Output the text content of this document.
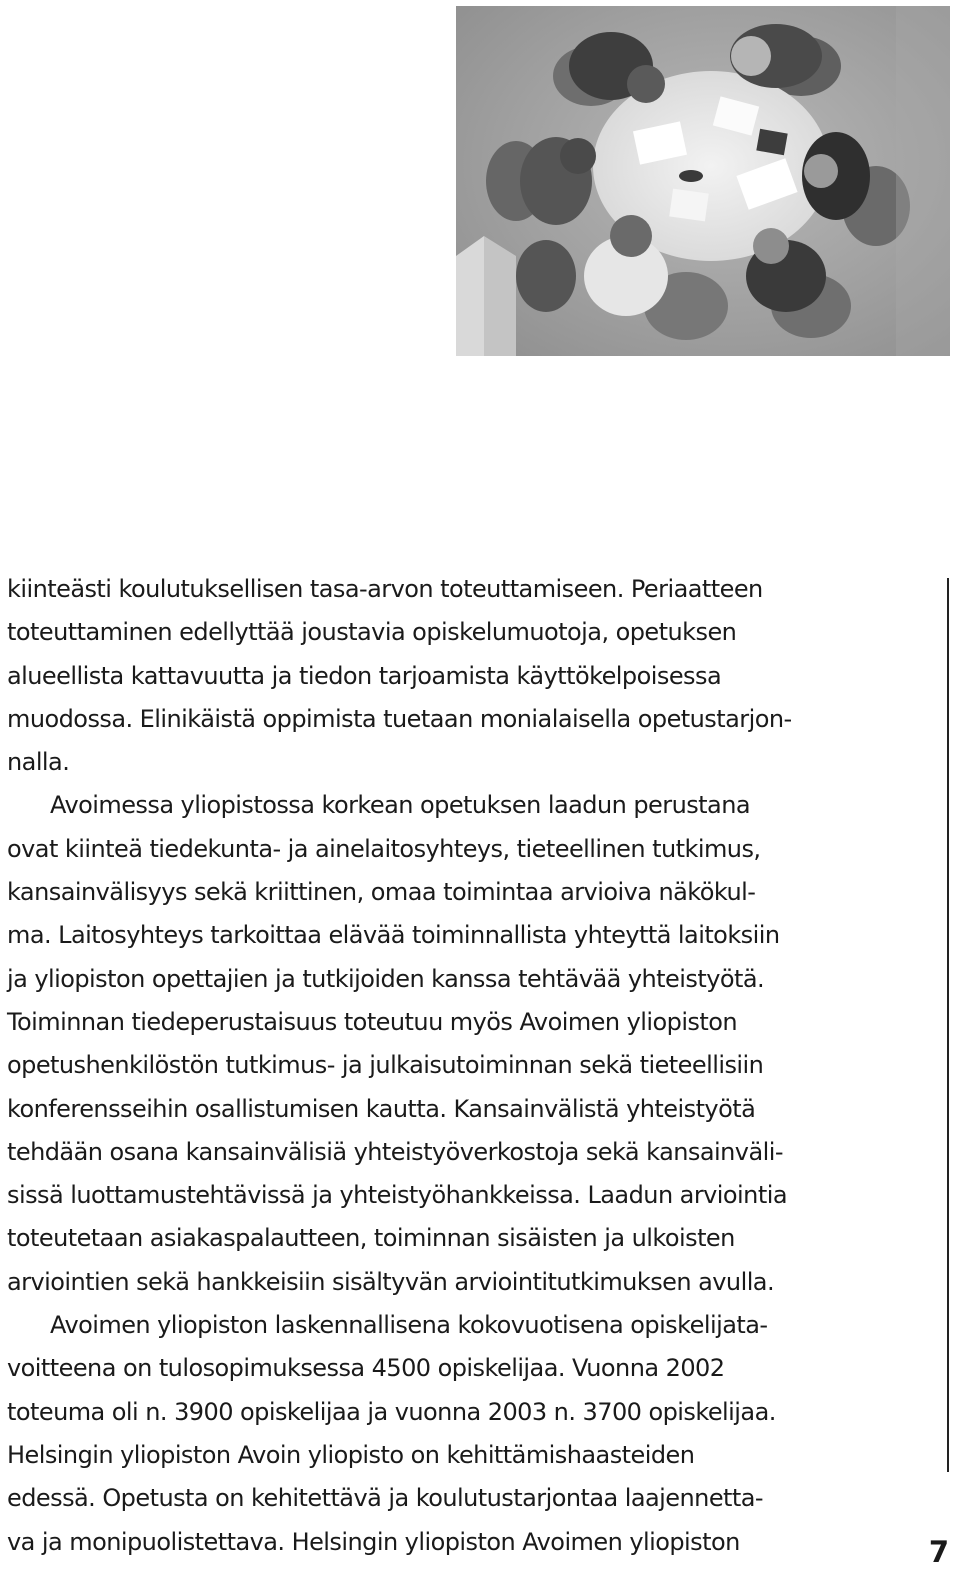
kiinteästi koulutuksellisen tasa-arvon toteuttamiseen. Periaatteen
toteuttaminen edellyttää joustavia opiskelumuotoja, opetuksen
alueellista kattavuutta ja tiedon tarjoamista käyttökelpoisessa
muodossa. Elinikäistä oppimista tuetaan monialaisella opetustarjon-
nalla.
Avoimessa yliopistossa korkean opetuksen laadun perustana
ovat kiinteä tiedekunta- ja ainelaitosyhteys, tieteellinen tutkimus,
kansainvälisyys sekä kriittinen, omaa toimintaa arvioiva näkökul-
ma. Laitosyhteys tarkoittaa elävää toiminnallista yhteyttä laitoksiin
ja yliopiston opettajien ja tutkijoiden kanssa tehtävää yhteistyötä.
Toiminnan tiedeperustaisuus toteutuu myös Avoimen yliopiston
opetushenkilöstön tutkimus- ja julkaisutoiminnan sekä tieteellisiin
konferensseihin osallistumisen kautta. Kansainvälistä yhteistyötä
tehdään osana kansainvälisiä yhteistyöverkostoja sekä kansainväli-
sissä luottamustehtävissä ja yhteistyöhankkeissa. Laadun arviointia
toteutetaan asiakaspalautteen, toiminnan sisäisten ja ulkoisten
arviointien sekä hankkeisiin sisältyvän arviointitutkimuksen avulla.
Avoimen yliopiston laskennallisena kokovuotisena opiskelijata-
voitteena on tulosopimuksessa 4500 opiskelijaa. Vuonna 2002
toteuma oli n. 3900 opiskelijaa ja vuonna 2003 n. 3700 opiskelijaa.
Helsingin yliopiston Avoin yliopisto on kehittämishaasteiden
edessä. Opetusta on kehitettävä ja koulutustarjontaa laajennetta-
va ja monipuolistettava. Helsingin yliopiston Avoimen yliopiston	7
